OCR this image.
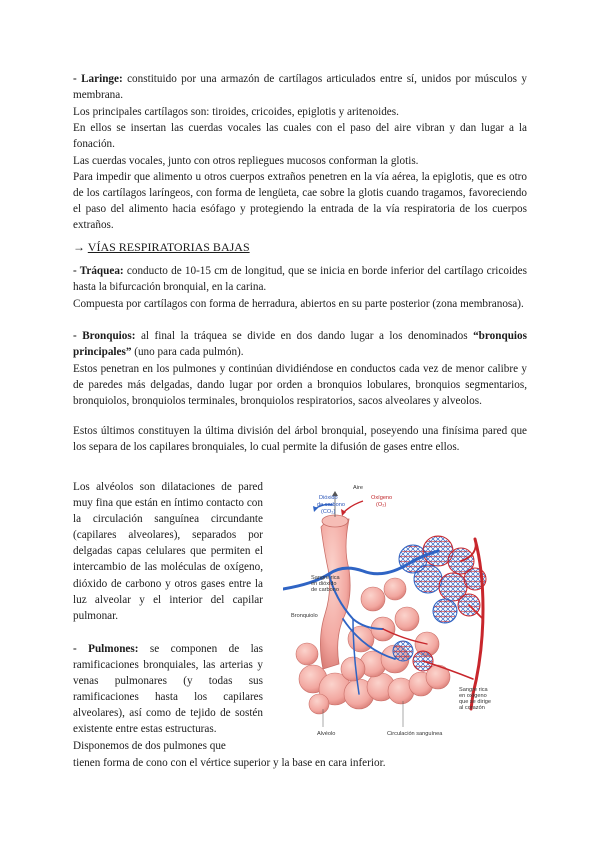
- Laringe: constituido por una armazón de cartílagos articulados entre sí, unidos por músculos y membrana.

Los principales cartílagos son: tiroides, cricoides, epiglotis y aritenoides.

En ellos se insertan las cuerdas vocales las cuales con el paso del aire vibran y dan lugar a la fonación.

Las cuerdas vocales, junto con otros repliegues mucosos conforman la glotis.

Para impedir que alimento u otros cuerpos extraños penetren en la vía aérea, la epiglotis, que es otro de los cartílagos laríngeos, con forma de lengüeta, cae sobre la glotis cuando tragamos, favoreciendo el paso del alimento hacia esófago y protegiendo la entrada de la vía respiratoria de los cuerpos extraños.

→ VÍAS RESPIRATORIAS BAJAS

- Tráquea: conducto de 10-15 cm de longitud, que se inicia en borde inferior del cartílago cricoides hasta la bifurcación bronquial, en la carina.

Compuesta por cartílagos con forma de herradura, abiertos en su parte posterior (zona membranosa).

- Bronquios: al final la tráquea se divide en dos dando lugar a los denominados “bronquios principales” (uno para cada pulmón).

Estos penetran en los pulmones y continúan dividiéndose en conductos cada vez de menor calibre y de paredes más delgadas, dando lugar por orden a bronquios lobulares, bronquios segmentarios, bronquiolos, bronquiolos terminales, bronquiolos respiratorios, sacos alveolares y alveolos.

Estos últimos constituyen la última división del árbol bronquial, poseyendo una finísima pared que los separa de los capilares bronquiales, lo cual permite la difusión de gases entre ellos.

Los alvéolos son dilataciones de pared muy fina que están en íntimo contacto con la circulación sanguínea circundante (capilares alveolares), separados por delgadas capas celulares que permiten el intercambio de las moléculas de oxígeno, dióxido de carbono y otros gases entre la luz alveolar y el interior del capilar pulmonar.

- Pulmones: se componen de las ramificaciones bronquiales, las arterias y venas pulmonares (y todas sus ramificaciones hasta los capilares alveolares), así como de tejido de sostén existente entre estas estructuras.

Disponemos de dos pulmones que

tienen forma de cono con el vértice superior y la base en cara inferior.

Aire
Dióxido
de carbono
(CO₂)
Oxígeno
(O₂)
Sangre rica
en dióxido
de carbono
Bronquiolo
Sangre rica
en oxígeno
que se dirige
al corazón
Alvéolo	Circulación sanguínea
